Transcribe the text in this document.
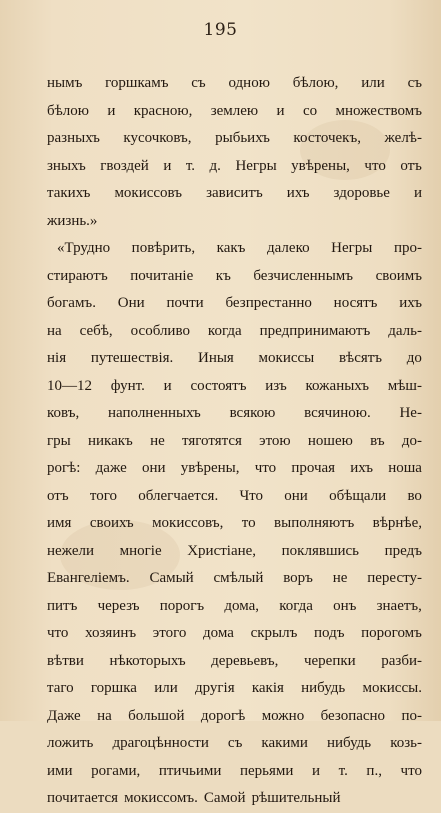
195
нымъ горшкамъ съ одною бѣлою, или съ
бѣлою и красною, землею и со множествомъ
разныхъ кусочковъ, рыбьихъ косточекъ, желѣ-
зныхъ гвоздей и т. д. Негры увѣрены, что отъ
такихъ мокиссовъ зависитъ ихъ здоровье и
жизнь.»
«Трудно повѣрить, какъ далеко Негры про-
стираютъ почитаніе къ безчисленнымъ своимъ
богамъ. Они почти безпрестанно носятъ ихъ
на себѣ, особливо когда предпринимаютъ даль-
нія путешествія. Иныя мокиссы вѣсятъ до
10—12 фунт. и состоятъ изъ кожаныхъ мѣш-
ковъ, наполненныхъ всякою всячиною. Не-
гры никакъ не тяготятся этою ношею въ до-
рогѣ: даже они увѣрены, что прочая ихъ ноша
отъ того облегчается. Что они обѣщали во
имя своихъ мокиссовъ, то выполняютъ вѣрнѣе,
нежели многіе Христіане, поклявшись предъ
Евангеліемъ. Самый смѣлый воръ не пересту-
питъ черезъ порогъ дома, когда онъ знаетъ,
что хозяинъ этого дома скрылъ подъ порогомъ
вѣтви нѣкоторыхъ деревьевъ, черепки разби-
таго горшка или другія какія нибудь мокиссы.
Даже на большой дорогѣ можно безопасно по-
ложить драгоцѣнности съ какими нибудь козь-
ими рогами, птичьими перьями и т. п., что
почитается мокиссомъ. Самой рѣшительный
